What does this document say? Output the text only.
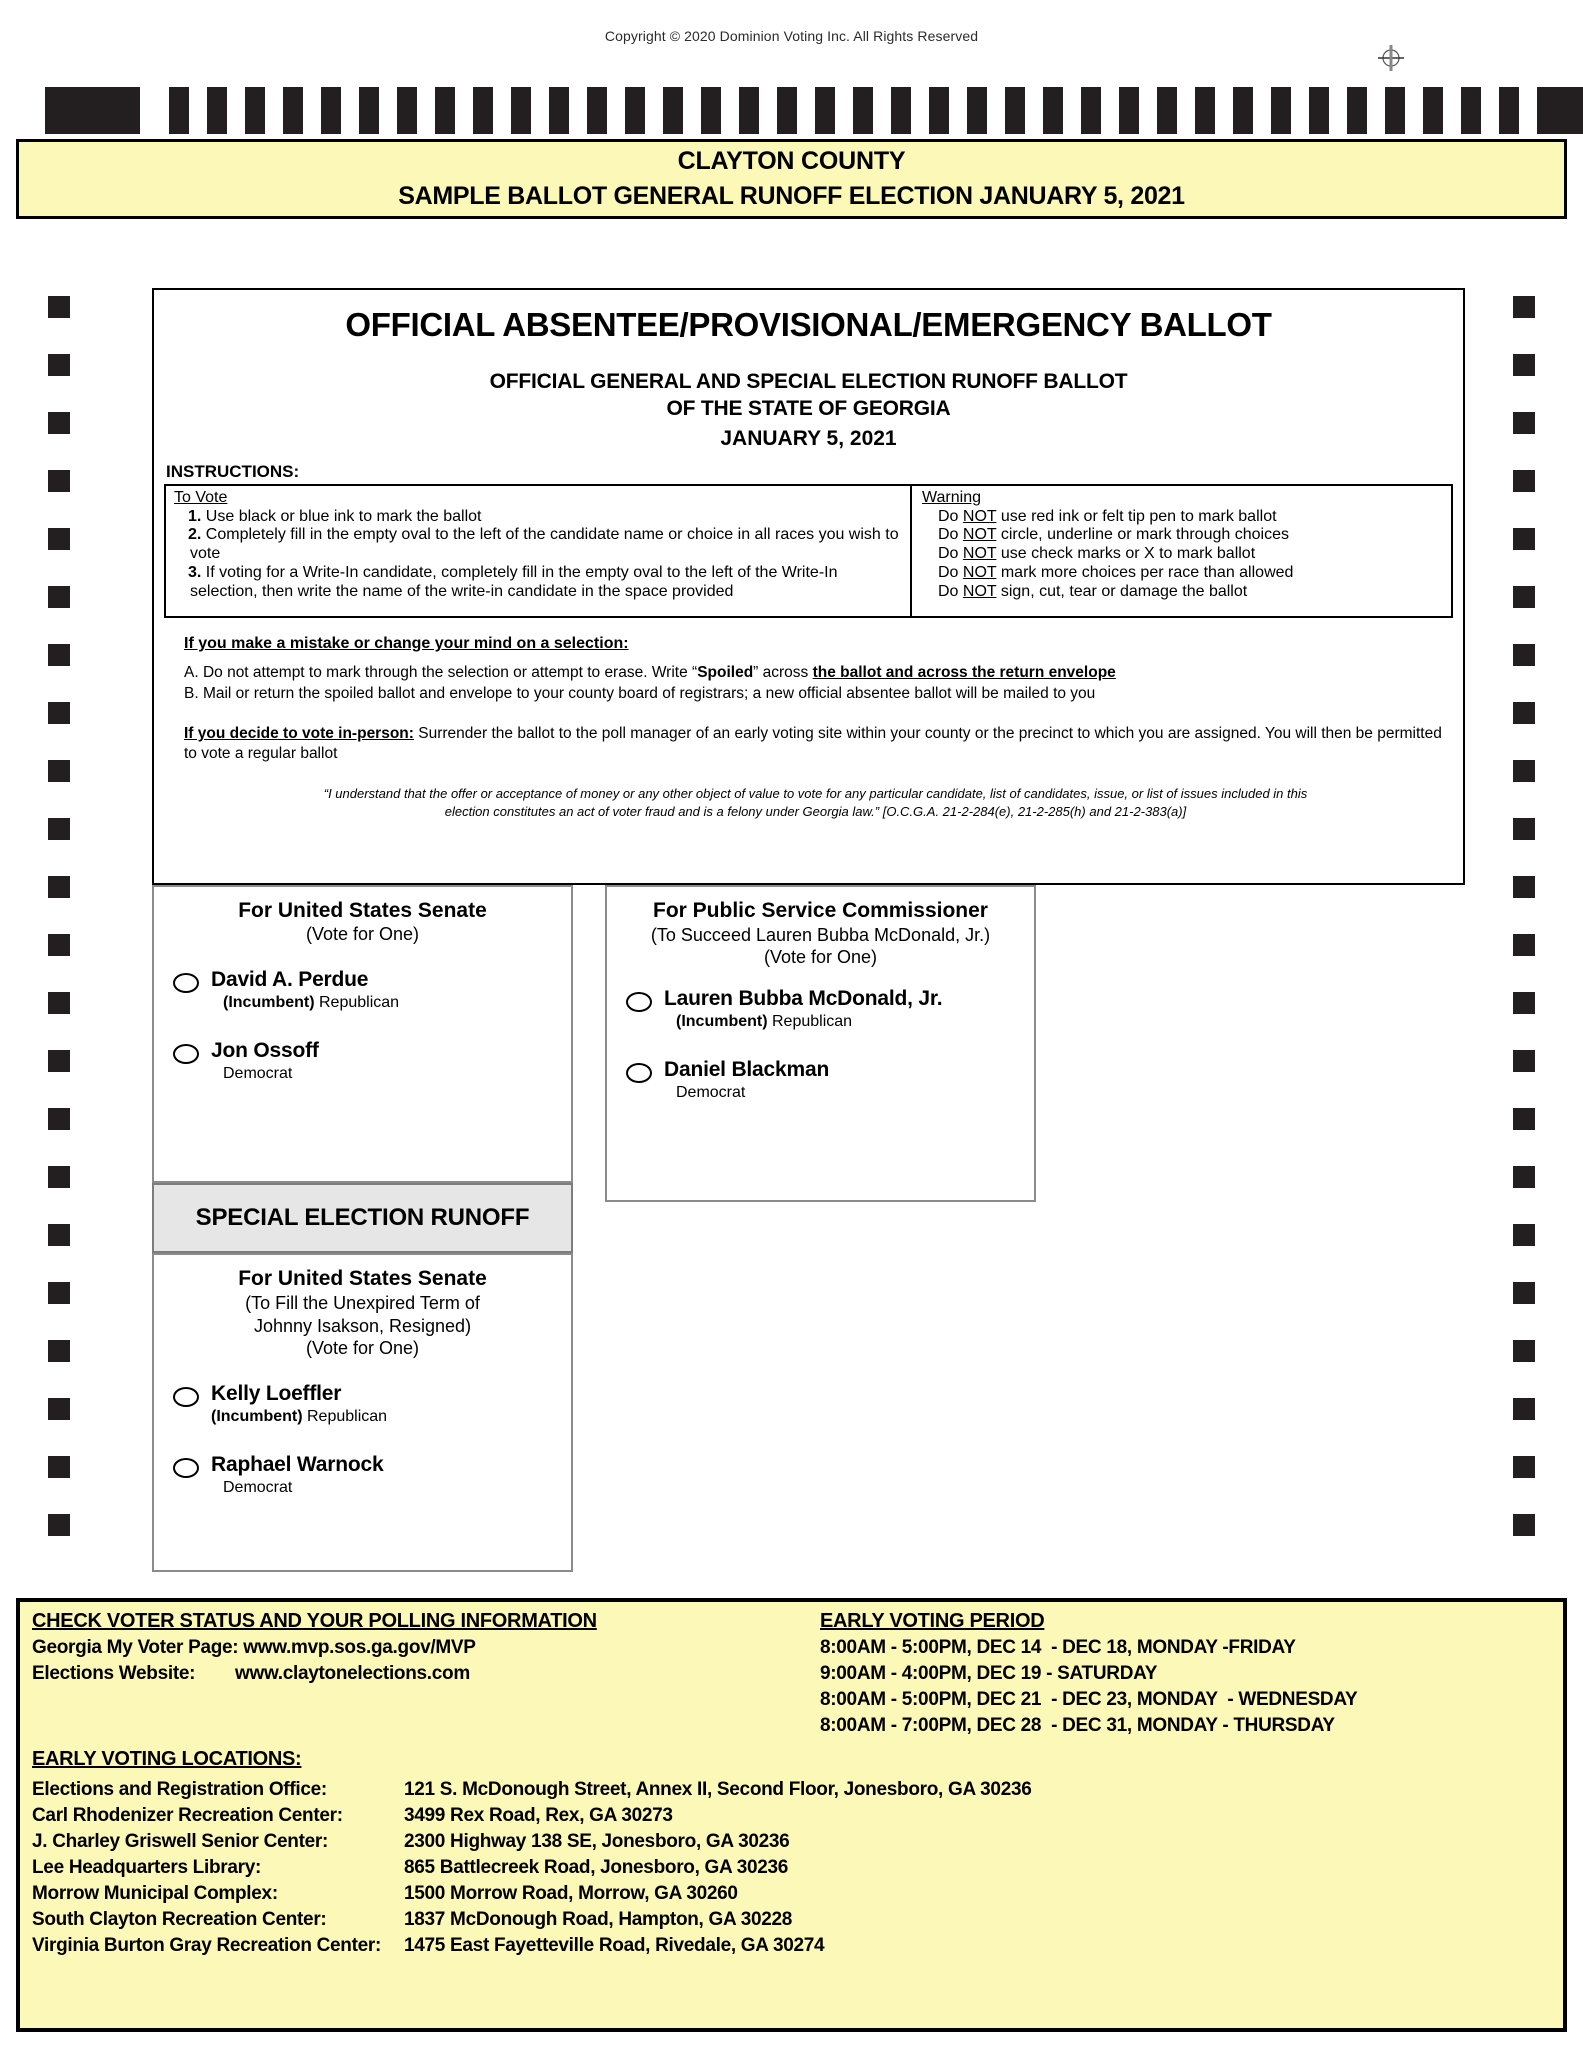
Copyright © 2020 Dominion Voting Inc. All Rights Reserved
CLAYTON COUNTY
SAMPLE BALLOT GENERAL RUNOFF ELECTION JANUARY 5, 2021
OFFICIAL ABSENTEE/PROVISIONAL/EMERGENCY BALLOT
OFFICIAL GENERAL AND SPECIAL ELECTION RUNOFF BALLOT
OF THE STATE OF GEORGIA
JANUARY 5, 2021
INSTRUCTIONS:
To Vote
1. Use black or blue ink to mark the ballot
2. Completely fill in the empty oval to the left of the candidate name or choice in all races you wish to vote
3. If voting for a Write-In candidate, completely fill in the empty oval to the left of the Write-In selection, then write the name of the write-in candidate in the space provided
Warning
Do NOT use red ink or felt tip pen to mark ballot
Do NOT circle, underline or mark through choices
Do NOT use check marks or X to mark ballot
Do NOT mark more choices per race than allowed
Do NOT sign, cut, tear or damage the ballot
If you make a mistake or change your mind on a selection:
A. Do not attempt to mark through the selection or attempt to erase. Write “Spoiled” across the ballot and across the return envelope
B. Mail or return the spoiled ballot and envelope to your county board of registrars; a new official absentee ballot will be mailed to you
If you decide to vote in-person: Surrender the ballot to the poll manager of an early voting site within your county or the precinct to which you are assigned. You will then be permitted to vote a regular ballot
“I understand that the offer or acceptance of money or any other object of value to vote for any particular candidate, list of candidates, issue, or list of issues included in this
election constitutes an act of voter fraud and is a felony under Georgia law.” [O.C.G.A. 21-2-284(e), 21-2-285(h) and 21-2-383(a)]
For United States Senate
(Vote for One)
David A. Perdue
(Incumbent) Republican
Jon Ossoff
Democrat
SPECIAL ELECTION RUNOFF
For United States Senate
(To Fill the Unexpired Term of
Johnny Isakson, Resigned)
(Vote for One)
Kelly Loeffler
(Incumbent) Republican
Raphael Warnock
Democrat
For Public Service Commissioner
(To Succeed Lauren Bubba McDonald, Jr.)
(Vote for One)
Lauren Bubba McDonald, Jr.
(Incumbent) Republican
Daniel Blackman
Democrat
CHECK VOTER STATUS AND YOUR POLLING INFORMATION
Georgia My Voter Page: www.mvp.sos.ga.gov/MVP
Elections Website:        www.claytonelections.com
EARLY VOTING PERIOD
8:00AM - 5:00PM, DEC 14  - DEC 18, MONDAY -FRIDAY
9:00AM - 4:00PM, DEC 19 - SATURDAY
8:00AM - 5:00PM, DEC 21  - DEC 23, MONDAY  - WEDNESDAY
8:00AM - 7:00PM, DEC 28  - DEC 31, MONDAY - THURSDAY
EARLY VOTING LOCATIONS:
Elections and Registration Office:	121 S. McDonough Street, Annex II, Second Floor, Jonesboro, GA 30236
Carl Rhodenizer Recreation Center:	3499 Rex Road, Rex, GA 30273
J. Charley Griswell Senior Center:	2300 Highway 138 SE, Jonesboro, GA 30236
Lee Headquarters Library:	865 Battlecreek Road, Jonesboro, GA 30236
Morrow Municipal Complex:	1500 Morrow Road, Morrow, GA 30260
South Clayton Recreation Center:	1837 McDonough Road, Hampton, GA 30228
Virginia Burton Gray Recreation Center:	1475 East Fayetteville Road, Rivedale, GA 30274
